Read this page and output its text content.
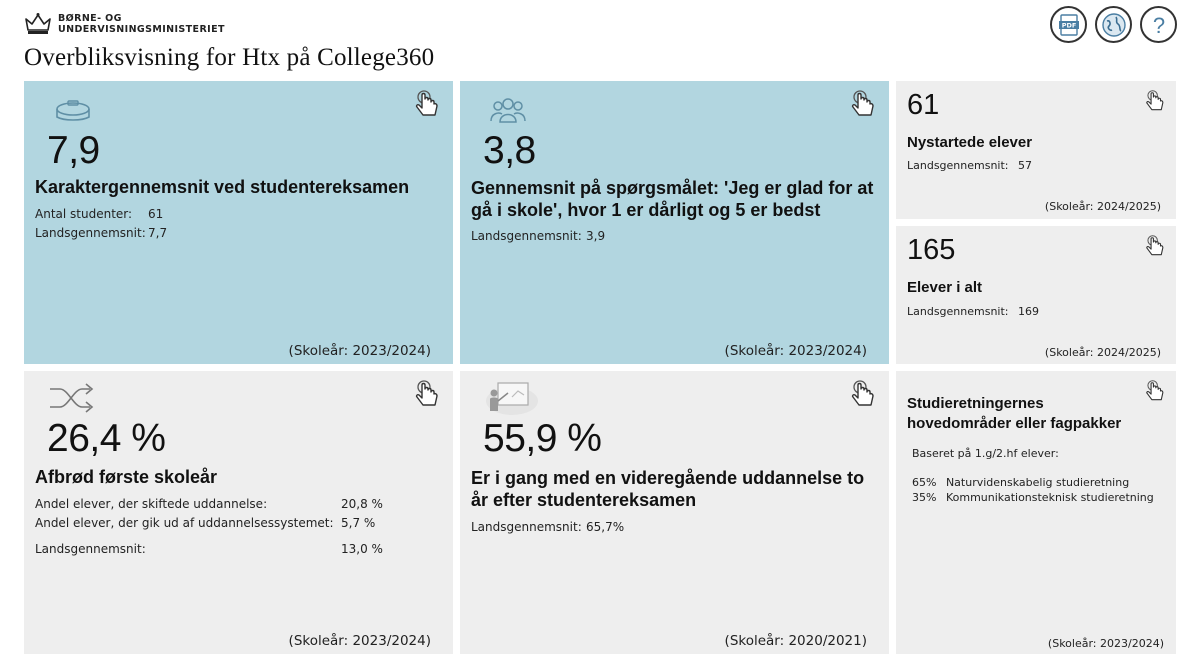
BØRNE- OG
UNDERVISNINGSMINISTERIET
Overbliksvisning for Htx på College360
PDF	?
7,9
Karaktergennemsnit ved studentereksamen
Antal studenter: 61
Landsgennemsnit: 7,7
(Skoleår: 2023/2024)
3,8
Gennemsnit på spørgsmålet: 'Jeg er glad for at gå i skole', hvor 1 er dårligt og 5 er bedst
Landsgennemsnit: 3,9
(Skoleår: 2023/2024)
61
Nystartede elever
Landsgennemsnit: 57
(Skoleår: 2024/2025)
165
Elever i alt
Landsgennemsnit: 169
(Skoleår: 2024/2025)
26,4 %
Afbrød første skoleår
Andel elever, der skiftede uddannelse:	20,8 %
Andel elever, der gik ud af uddannelsessystemet: 5,7 %
Landsgennemsnit:	13,0 %
(Skoleår: 2023/2024)
55,9 %
Er i gang med en videregående uddannelse to år efter studentereksamen
Landsgennemsnit: 65,7%
(Skoleår: 2020/2021)
Studieretningernes hovedområder eller fagpakker
Baseret på 1.g/2.hf elever:
65% Naturvidenskabelig studieretning
35% Kommunikationsteknisk studieretning
(Skoleår: 2023/2024)
